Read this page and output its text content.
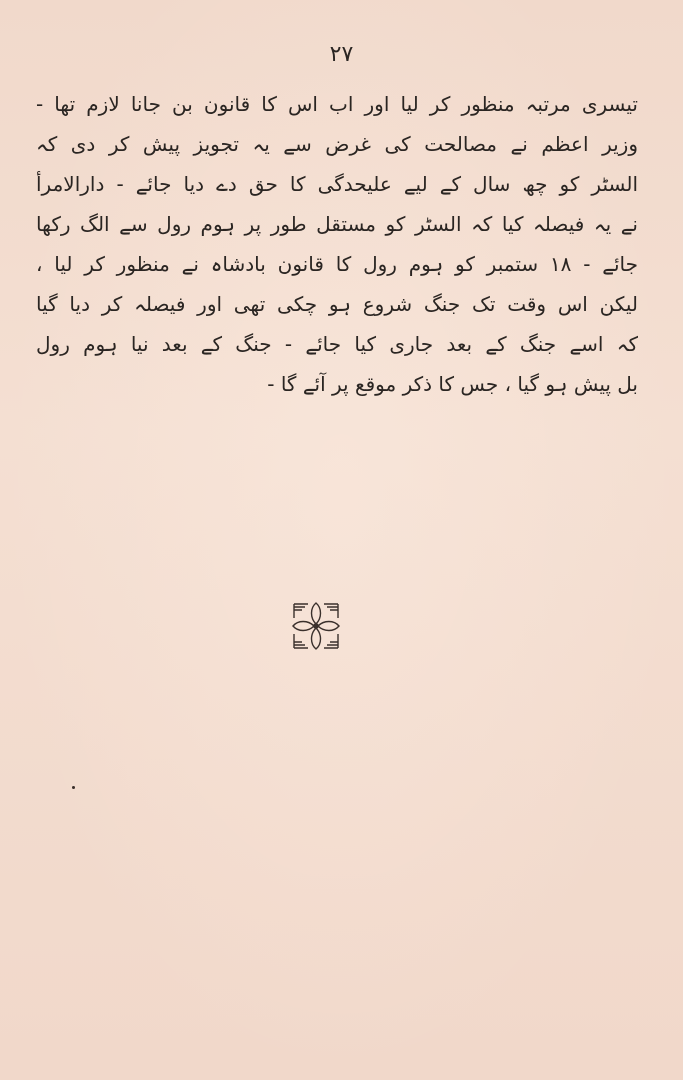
۲۷
تیسری مرتبہ منظور کر لیا اور اب اس کا قانون بن جانا لازم تھا -
وزیر اعظم نے مصالحت کی غرض سے یہ تجویز پیش کر دی کہ
السٹر کو چھ سال کے لیے علیحدگی کا حق دے دیا جائے - دارالامرأ
نے یہ فیصلہ کیا کہ السٹر کو مستقل طور پر ہوم رول سے الگ رکھا
جائے - ۱۸ ستمبر کو ہوم رول کا قانون بادشاہ نے منظور کر لیا ،
لیکن اس وقت تک جنگ شروع ہو چکی تھی اور فیصلہ کر دیا گیا
کہ اسے جنگ کے بعد جاری کیا جائے - جنگ کے بعد نیا ہوم رول
بل پیش ہو گیا ، جس کا ذکر موقع پر آئے گا -
